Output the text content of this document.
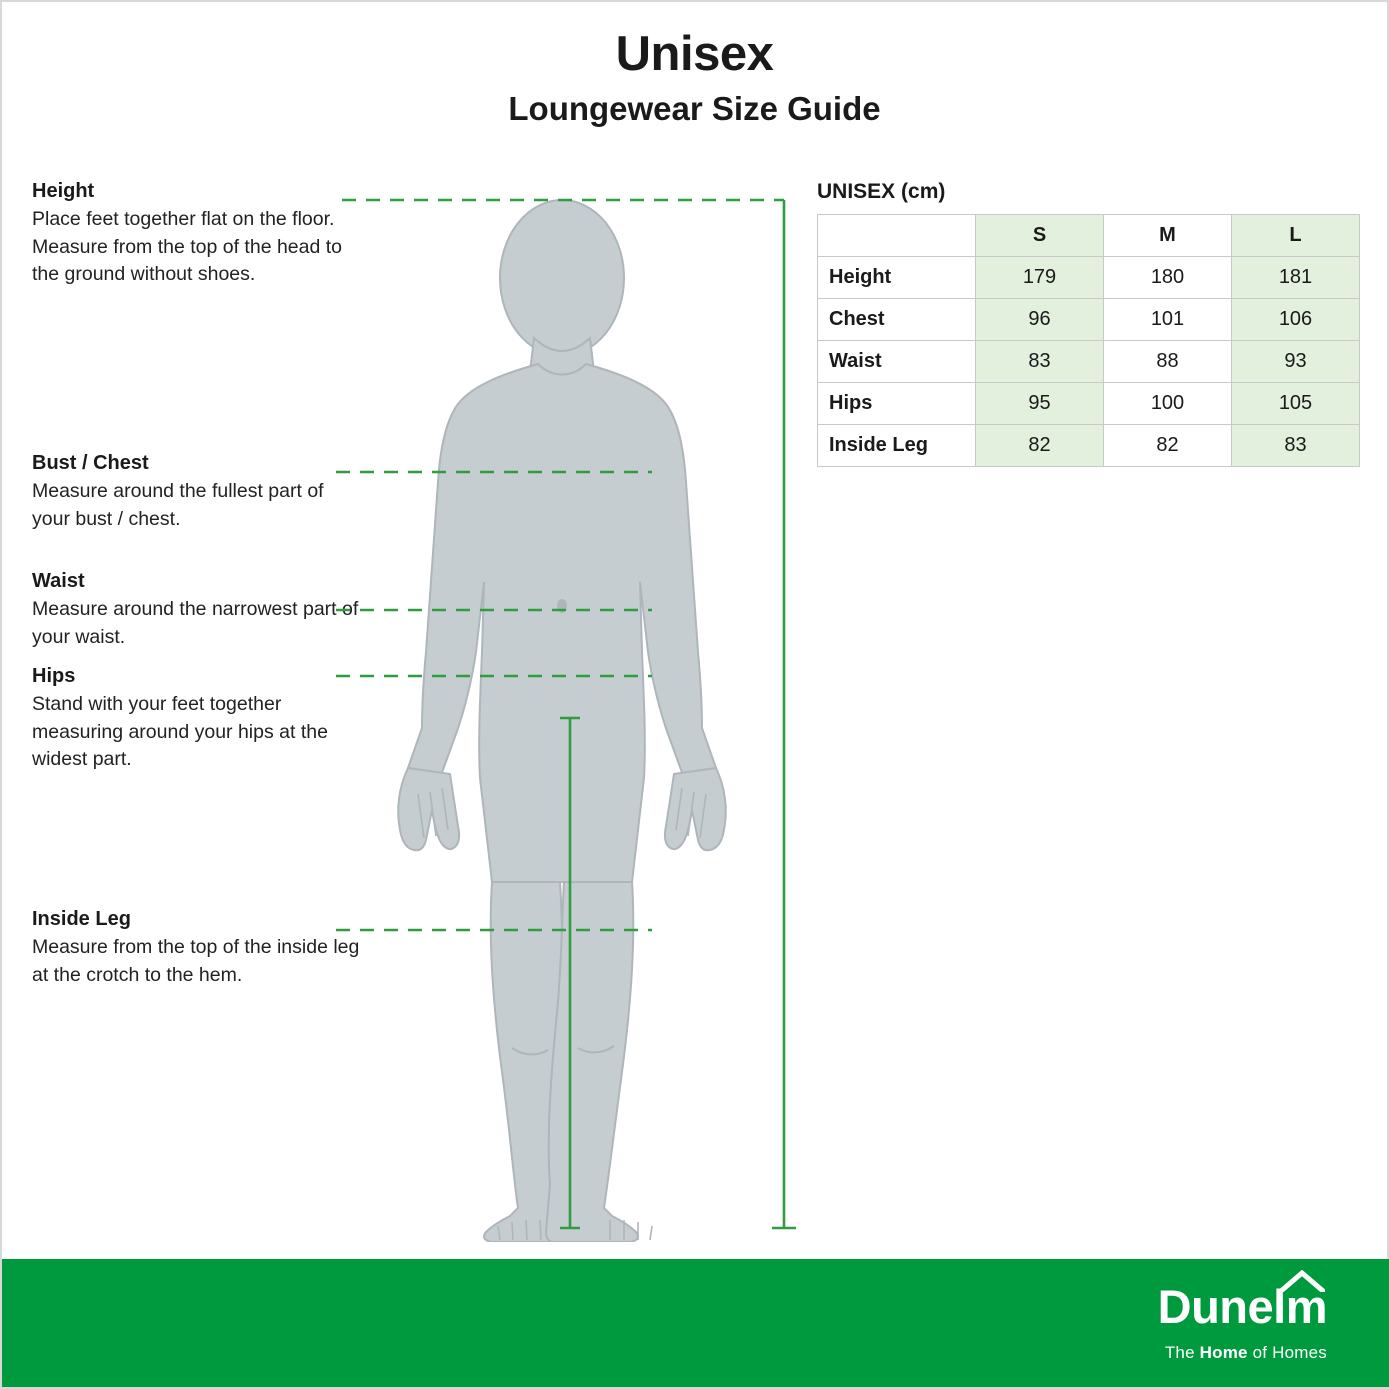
Unisex
Loungewear Size Guide
Height
Place feet together flat on the floor. Measure from the top of the head to the ground without shoes.
Bust / Chest
Measure around the fullest part of your bust / chest.
Waist
Measure around the narrowest part of your waist.
Hips
Stand with your feet together measuring around your hips at the widest part.
Inside Leg
Measure from the top of the inside leg at the crotch to the hem.
UNISEX (cm)
	S	M	L
Height	179	180	181
Chest	96	101	106
Waist	83	88	93
Hips	95	100	105
Inside Leg	82	82	83
Dunelm
The Home of Homes
